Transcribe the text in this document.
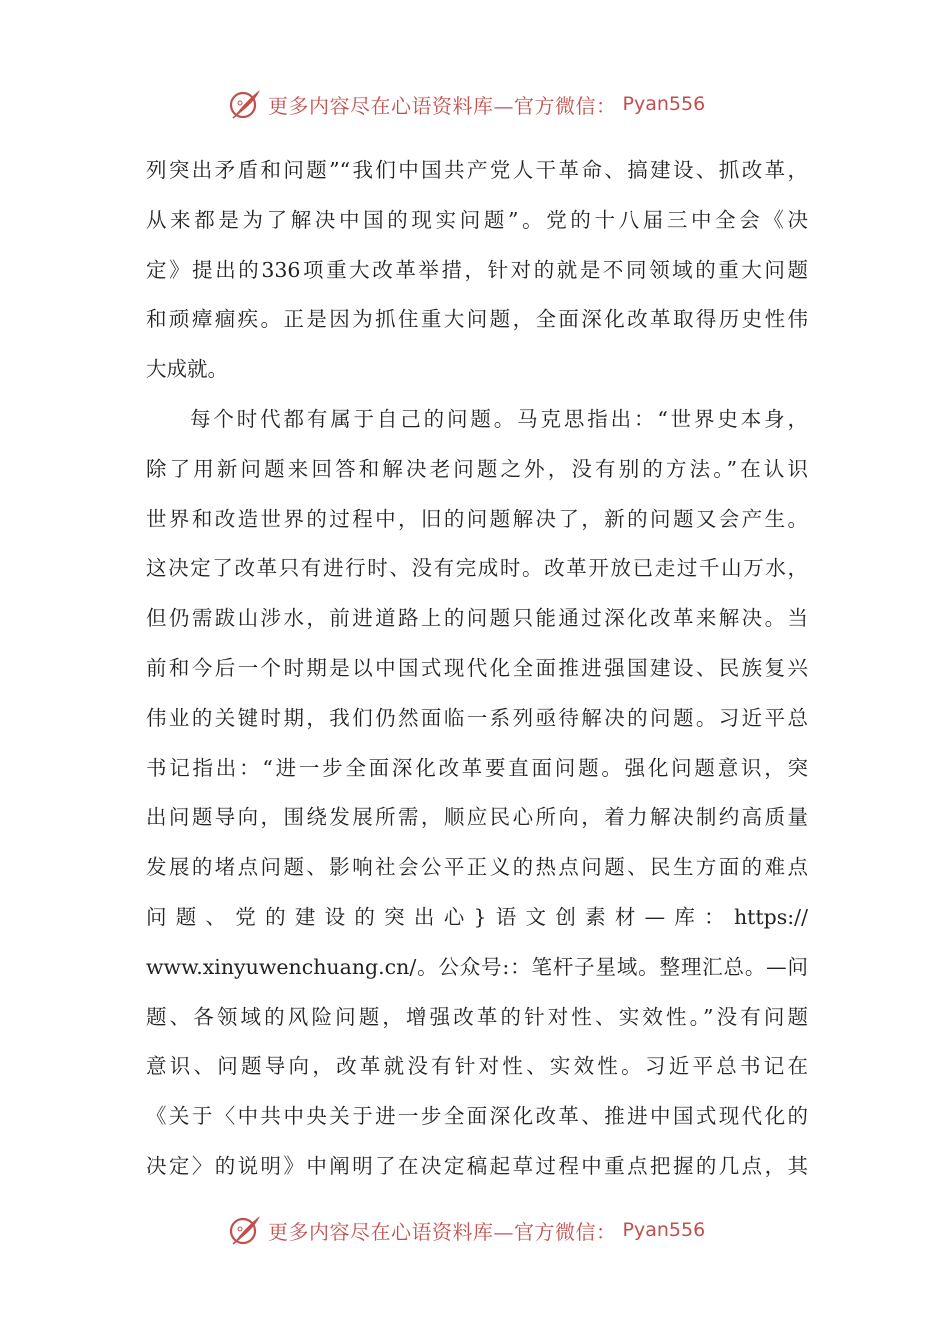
更多内容尽在心语资料库—官方微信： Pyan556
列突出矛盾和问题”“我们中国共产党人干革命、搞建设、抓改革，
从来都是为了解决中国的现实问题”。党的十八届三中全会《决
定》提出的336项重大改革举措，针对的就是不同领域的重大问题
和顽瘴痼疾。正是因为抓住重大问题，全面深化改革取得历史性伟
大成就。
每个时代都有属于自己的问题。马克思指出：“世界史本身，
除了用新问题来回答和解决老问题之外，没有别的方法。”在认识
世界和改造世界的过程中，旧的问题解决了，新的问题又会产生。
这决定了改革只有进行时、没有完成时。改革开放已走过千山万水，
但仍需跋山涉水，前进道路上的问题只能通过深化改革来解决。当
前和今后一个时期是以中国式现代化全面推进强国建设、民族复兴
伟业的关键时期，我们仍然面临一系列亟待解决的问题。习近平总
书记指出：“进一步全面深化改革要直面问题。强化问题意识，突
出问题导向，围绕发展所需，顺应民心所向，着力解决制约高质量
发展的堵点问题、影响社会公平正义的热点问题、民生方面的难点
问题、党的建设的突出心}语文创素材—库：https://
www.xinyuwenchuang.cn/。公众号:：笔杆子星域。整理汇总。—问
题、各领域的风险问题，增强改革的针对性、实效性。”没有问题
意识、问题导向，改革就没有针对性、实效性。习近平总书记在
《关于〈中共中央关于进一步全面深化改革、推进中国式现代化的
决定〉的说明》中阐明了在决定稿起草过程中重点把握的几点，其
更多内容尽在心语资料库—官方微信： Pyan556
